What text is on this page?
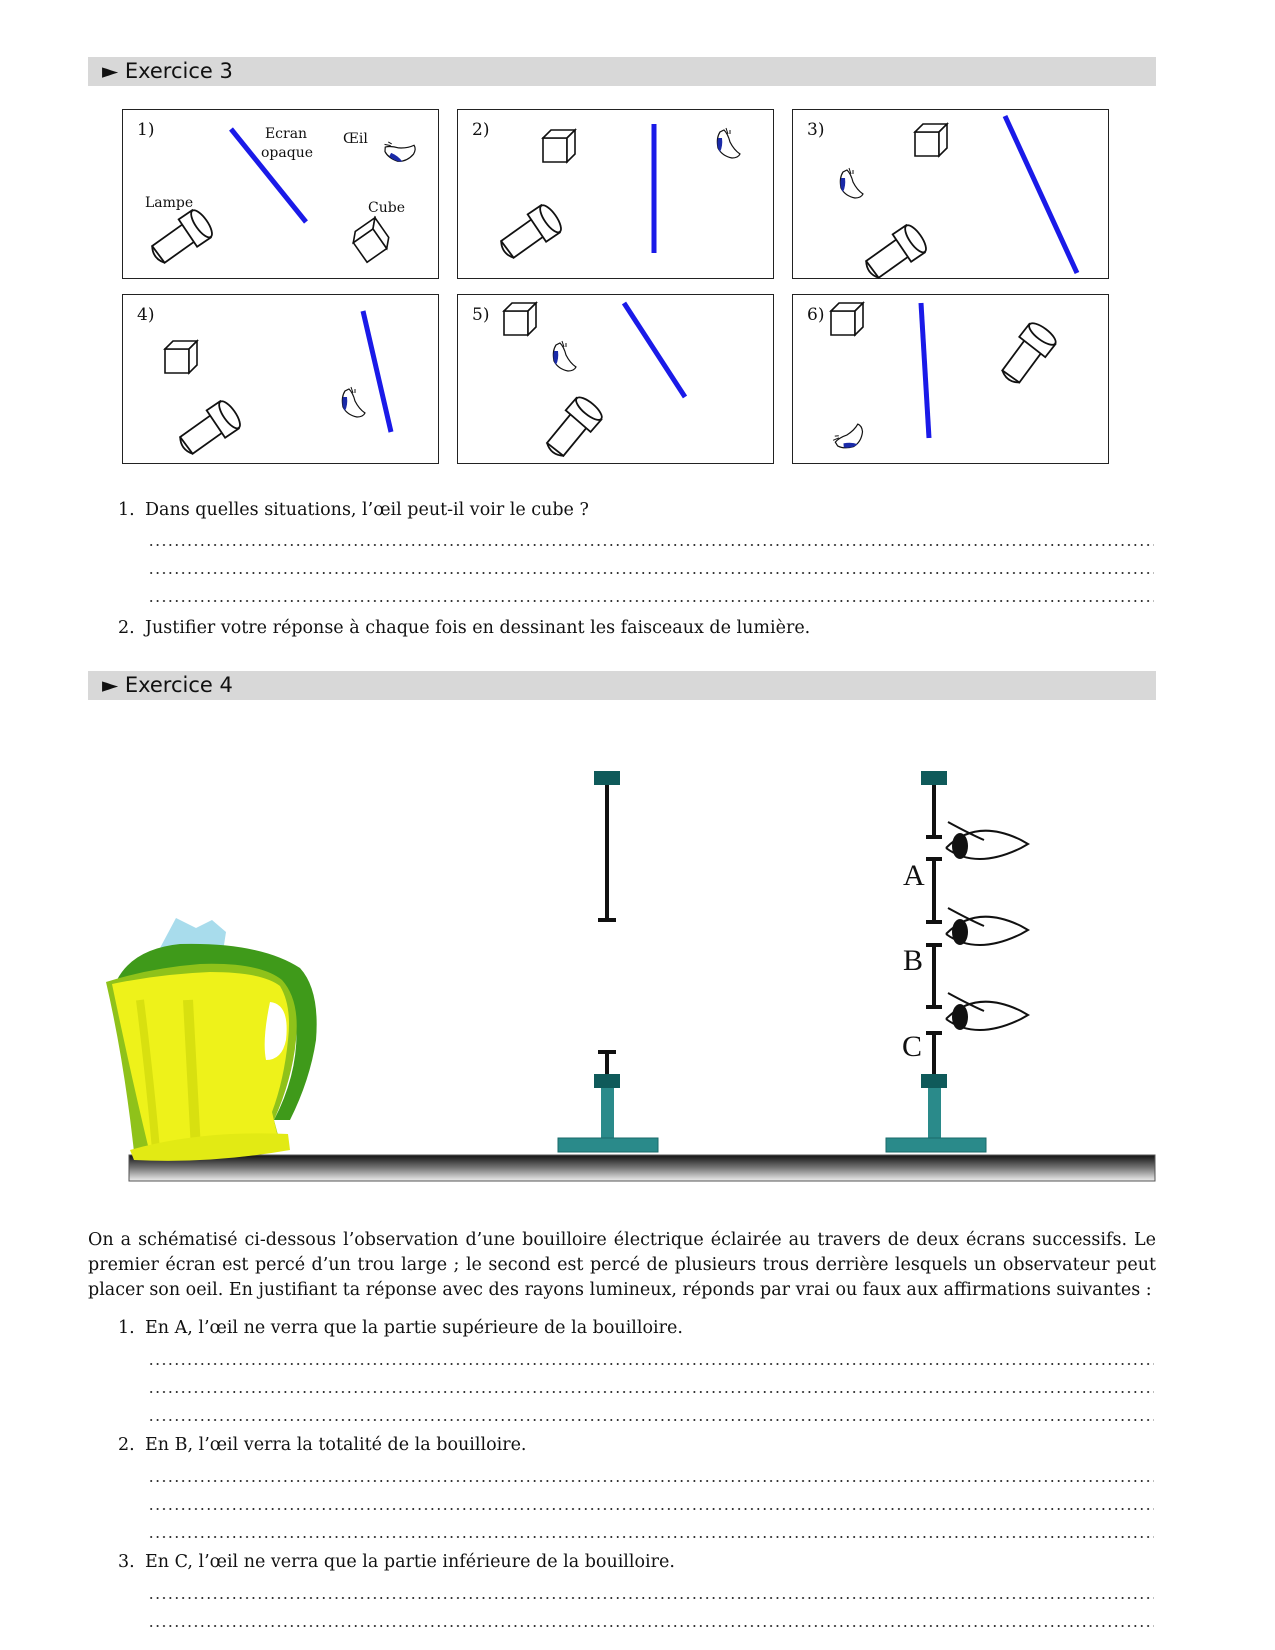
► Exercice 3
1)	Ecran opaque
Œil
Lampe	Cube
2)	3)
4)	5)	6)
1. Dans quelles situations, l’œil peut-il voir le cube ?
2. Justifier votre réponse à chaque fois en dessinant les faisceaux de lumière.
► Exercice 4
A
B
C
On a schématisé ci-dessous l’observation d’une bouilloire électrique éclairée au travers de deux écrans successifs. Le premier écran est percé d’un trou large ; le second est percé de plusieurs trous derrière lesquels un observateur peut placer son oeil. En justifiant ta réponse avec des rayons lumineux, réponds par vrai ou faux aux affirmations suivantes :
1. En A, l’œil ne verra que la partie supérieure de la bouilloire.
2. En B, l’œil verra la totalité de la bouilloire.
3. En C, l’œil ne verra que la partie inférieure de la bouilloire.
